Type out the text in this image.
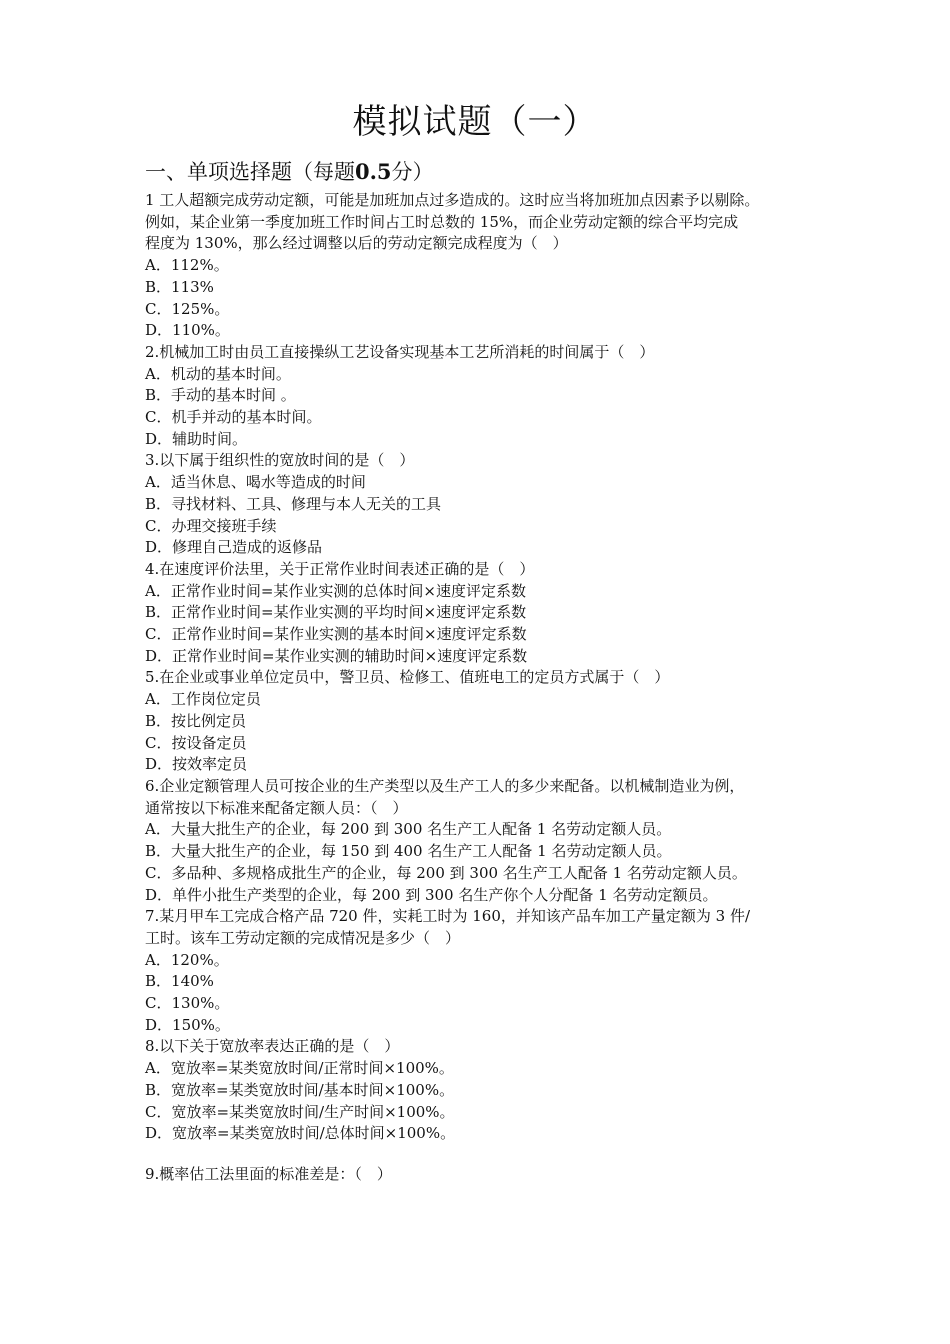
模拟试题（一）
一、单项选择题（每题0.5分）
1 工人超额完成劳动定额，可能是加班加点过多造成的。这时应当将加班加点因素予以剔除。
例如，某企业第一季度加班工作时间占工时总数的 15%，而企业劳动定额的综合平均完成
程度为 130%，那么经过调整以后的劳动定额完成程度为（　）
A．112%。
B．113%
C．125%。
D．110%。
2.机械加工时由员工直接操纵工艺设备实现基本工艺所消耗的时间属于（　）
A．机动的基本时间。
B．手动的基本时间 。
C．机手并动的基本时间。
D．辅助时间。
3.以下属于组织性的宽放时间的是（　）
A．适当休息、喝水等造成的时间
B．寻找材料、工具、修理与本人无关的工具
C．办理交接班手续
D．修理自己造成的返修品
4.在速度评价法里，关于正常作业时间表述正确的是（　）
A．正常作业时间=某作业实测的总体时间×速度评定系数
B．正常作业时间=某作业实测的平均时间×速度评定系数
C．正常作业时间=某作业实测的基本时间×速度评定系数
D．正常作业时间=某作业实测的辅助时间×速度评定系数
5.在企业或事业单位定员中，警卫员、检修工、值班电工的定员方式属于（　）
A．工作岗位定员
B．按比例定员
C．按设备定员
D．按效率定员
6.企业定额管理人员可按企业的生产类型以及生产工人的多少来配备。以机械制造业为例，
通常按以下标准来配备定额人员：（　）
A．大量大批生产的企业，每 200 到 300 名生产工人配备 1 名劳动定额人员。
B．大量大批生产的企业，每 150 到 400 名生产工人配备 1 名劳动定额人员。
C．多品种、多规格成批生产的企业，每 200 到 300 名生产工人配备 1 名劳动定额人员。
D．单件小批生产类型的企业，每 200 到 300 名生产你个人分配备 1 名劳动定额员。
7.某月甲车工完成合格产品 720 件，实耗工时为 160，并知该产品车加工产量定额为 3 件/
工时。该车工劳动定额的完成情况是多少（　）
A．120%。
B．140%
C．130%。
D．150%。
8.以下关于宽放率表达正确的是（　）
A．宽放率=某类宽放时间/正常时间×100%。
B．宽放率=某类宽放时间/基本时间×100%。
C．宽放率=某类宽放时间/生产时间×100%。
D．宽放率=某类宽放时间/总体时间×100%。
9.概率估工法里面的标准差是：（　）
